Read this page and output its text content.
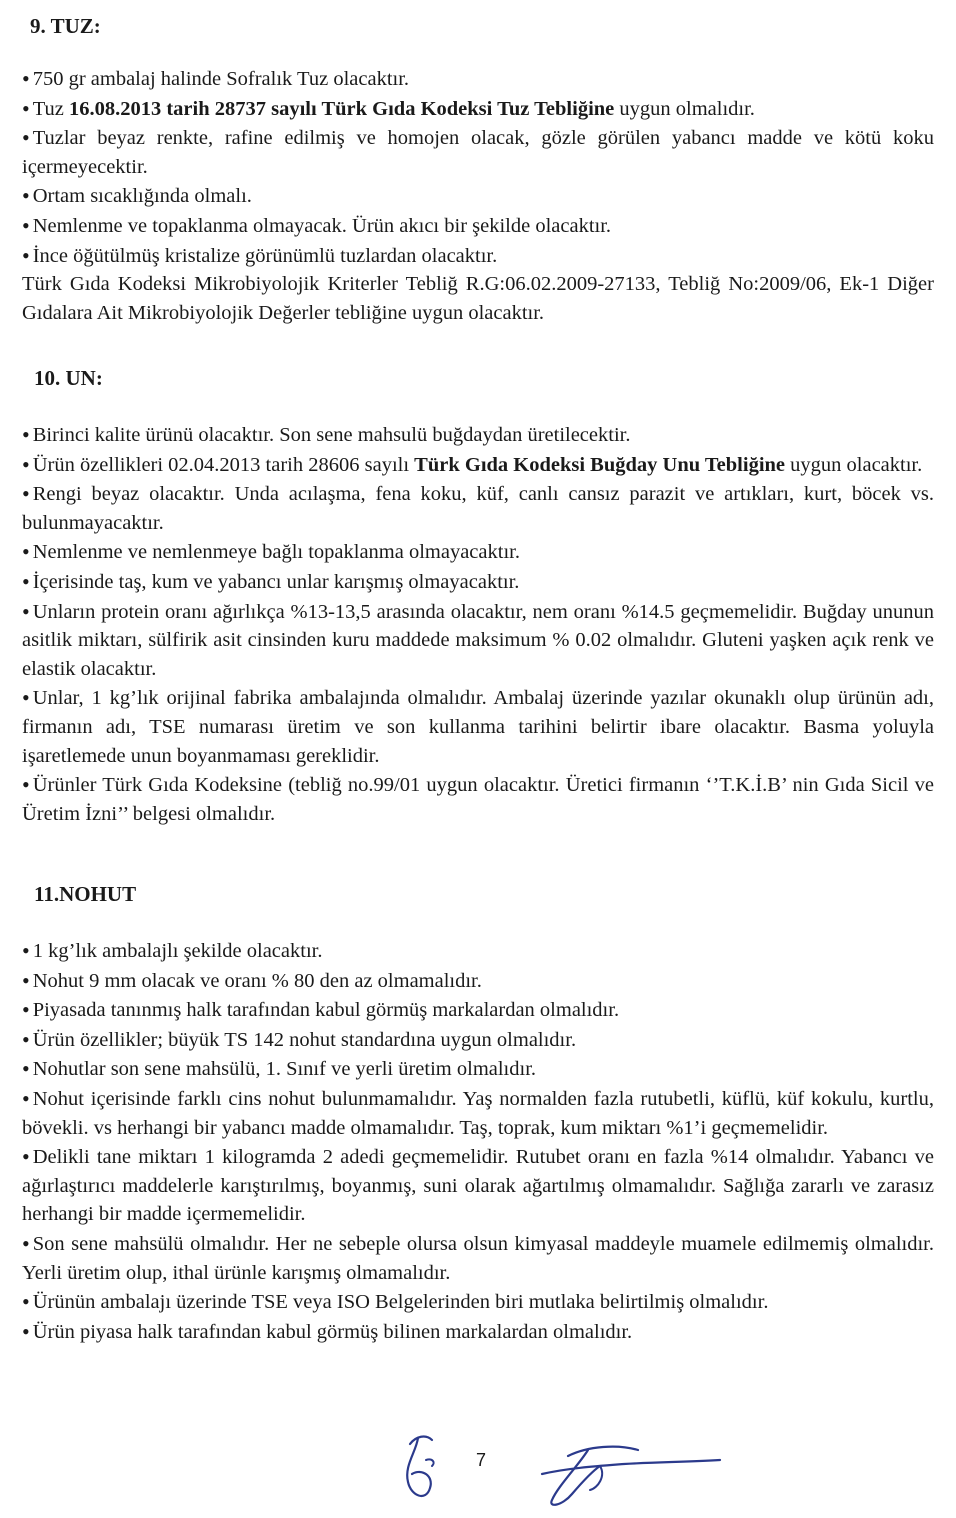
9. TUZ:

• 750 gr ambalaj halinde Sofralık Tuz olacaktır.

• Tuz 16.08.2013 tarih 28737 sayılı Türk Gıda Kodeksi Tuz Tebliğine uygun olmalıdır.

• Tuzlar beyaz renkte, rafine edilmiş ve homojen olacak, gözle görülen yabancı madde ve kötü koku içermeyecektir.

• Ortam sıcaklığında olmalı.

• Nemlenme ve topaklanma olmayacak. Ürün akıcı bir şekilde olacaktır.

• İnce öğütülmüş kristalize görünümlü tuzlardan olacaktır.

Türk Gıda Kodeksi Mikrobiyolojik Kriterler Tebliğ R.G:06.02.2009-27133, Tebliğ No:2009/06, Ek-1 Diğer Gıdalara Ait Mikrobiyolojik Değerler tebliğine uygun olacaktır.

10. UN:

• Birinci kalite ürünü olacaktır. Son sene mahsulü buğdaydan üretilecektir.

• Ürün özellikleri 02.04.2013 tarih 28606 sayılı Türk Gıda Kodeksi Buğday Unu Tebliğine uygun olacaktır.

• Rengi beyaz olacaktır. Unda acılaşma, fena koku, küf, canlı cansız parazit ve artıkları, kurt, böcek vs. bulunmayacaktır.

• Nemlenme ve nemlenmeye bağlı topaklanma olmayacaktır.

• İçerisinde taş, kum ve yabancı unlar karışmış olmayacaktır.

• Unların protein oranı ağırlıkça %13-13,5 arasında olacaktır, nem oranı %14.5 geçmemelidir. Buğday ununun asitlik miktarı, sülfirik asit cinsinden kuru maddede maksimum % 0.02 olmalıdır. Gluteni yaşken açık renk ve elastik olacaktır.

• Unlar, 1 kg’lık orijinal fabrika ambalajında olmalıdır. Ambalaj üzerinde yazılar okunaklı olup ürünün adı, firmanın adı, TSE numarası üretim ve son kullanma tarihini belirtir ibare olacaktır. Basma yoluyla işaretlemede unun boyanmaması gereklidir.

• Ürünler Türk Gıda Kodeksine (tebliğ no.99/01 uygun olacaktır. Üretici firmanın ‘’T.K.İ.B’ nin Gıda Sicil ve Üretim İzni’’ belgesi olmalıdır.

11.NOHUT

• 1 kg’lık ambalajlı şekilde olacaktır.

• Nohut 9 mm olacak ve oranı % 80 den az olmamalıdır.

• Piyasada tanınmış halk tarafından kabul görmüş markalardan olmalıdır.

• Ürün özellikler; büyük TS 142 nohut standardına uygun olmalıdır.

• Nohutlar son sene mahsülü, 1. Sınıf ve yerli üretim olmalıdır.

• Nohut içerisinde farklı cins nohut bulunmamalıdır. Yaş normalden fazla rutubetli, küflü, küf kokulu, kurtlu, bövekli. vs herhangi bir yabancı madde olmamalıdır. Taş, toprak, kum miktarı %1’i geçmemelidir.

• Delikli tane miktarı 1 kilogramda 2 adedi geçmemelidir. Rutubet oranı en fazla %14 olmalıdır. Yabancı ve ağırlaştırıcı maddelerle karıştırılmış, boyanmış, suni olarak ağartılmış olmamalıdır. Sağlığa zararlı ve zarasız herhangi bir madde içermemelidir.

• Son sene mahsülü olmalıdır. Her ne sebeple olursa olsun kimyasal maddeyle muamele edilmemiş olmalıdır. Yerli üretim olup, ithal ürünle karışmış olmamalıdır.

• Ürünün ambalajı üzerinde TSE veya ISO Belgelerinden biri mutlaka belirtilmiş olmalıdır.

• Ürün piyasa halk tarafından kabul görmüş bilinen markalardan olmalıdır.

7
